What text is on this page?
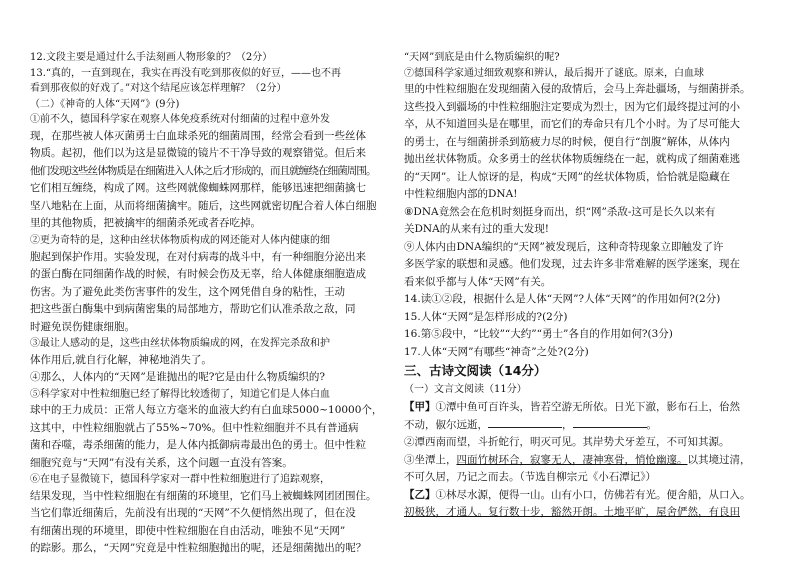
12.文段主要是通过什么手法刻画人物形象的？（2分）

13.“真的，一直到现在，我实在再没有吃到那夜似的好豆，——也不再

看到那夜似的好戏了。”对这个结尾应该怎样理解？（2分）

（二）《神奇的人体“天网”》(9分)

①前不久，德国科学家在观察人体免疫系统对付细菌的过程中意外发

现，在那些被人体灭菌勇士白血球杀死的细菌周围，经常会看到一些丝体

物质。起初，他们以为这是显微镜的镜片不干净导致的观察错觉。但后来

他们发现这些丝体物质是在细菌进入人体之后才形成的，而且就缠绕在细菌周围。

它们相互缠绕，构成了网。这些网就像蜘蛛网那样，能够迅速把细菌擒七

坚八地粘在上面，从而将细菌擒牢。随后，这些网就密切配合着人体白细胞

里的其他物质，把被擒牢的细菌杀死或者吞吃掉。

②更为奇特的是，这种由丝状体物质构成的网还能对人体内健康的细

胞起到保护作用。实验发现，在对付病毒的战斗中，有一种细胞分泌出来

的蛋白酶在同细菌作战的时候，有时候会伤及无辜，给人体健康细胞造成

伤害。为了避免此类伤害事件的发生，这个网凭借自身的粘性，王动

把这些蛋白酶集中到病菌密集的局部地方，帮助它们认准杀敌之敌，同

时避免误伤健康细胞。

③最让人感动的是，这些由丝状体物质编成的网，在发挥完杀敌和护

体作用后,就自行化解，神秘地消失了。

④那么，人体内的“天网”是谁抛出的呢?它是由什么物质编织的?

⑤科学家对中性粒细胞已经了解得比较透彻了，知道它们是人体白血

球中的王力成员：正常人每立方毫米的血液大约有白血球5000~10000个，

这其中，中性粒细胞就占了55%~70%。但中性粒细胞并不具有普通病

菌和吞噬，毒杀细菌的能力，是人体内抵御病毒最出色的勇士。但中性粒

细胞究竟与“天网”有没有关系，这个问题一直没有答案。

⑥在电子显微镜下，德国科学家对一群中性粒细胞进行了追踪观察，

结果发现，当中性粒细胞在有细菌的环境里，它们马上被蜘蛛网团团围住。

当它们靠近细菌后，先前没有出现的“天网”不久便悄然出现了，但在没

有细菌出现的环境里，即使中性粒细胞在自由活动，唯独不见“天网”

的踪影。那么，“天网”究竟是中性粒细胞抛出的呢，还是细菌抛出的呢？

“天网”到底是由什么物质编织的呢?

⑦德国科学家通过细致观察和辨认，最后揭开了谜底。原来，白血球

里的中性粒细胞在发现细菌入侵的敌情后，会马上奔赴疆场，与细菌拼杀。

这些投入到疆场的中性粒细胞注定要成为烈士，因为它们最终提过河的小

卒，从不知道回头是在哪里，而它们的寿命只有几个小时。为了尽可能大

的勇士，在与细菌拼杀到筋疲力尽的时候，便自行“剖腹”解体，从体内

抛出丝状体物质。众多勇士的丝状体物质缠绕在一起，就构成了细菌难逃

的“天网”。让人惊讶的是，构成“天网”的丝状体物质，恰恰就是隐藏在

中性粒细胞内部的DNA!

⑧DNA竟然会在危机时刻挺身而出，织“网”杀敌-这可是长久以来有

关DNA的从来有过的重大发现!

⑨人体内由DNA编织的“天网”被发现后，这种奇特现象立即触发了许

多医学家的联想和灵感。他们发现，过去许多非常难解的医学迷案，现在

看来似乎都与人体“天网”有关。

14.读①②段，根据什么是人体“天网”?人体“天网”的作用如何?(2分)

15.人体“天网”是怎样形成的?(2分)

16.第⑤段中，“比较”“大约”“勇士”各自的作用如何?(3分)

17.人体“天网”有哪些“神奇”之处?(2分)

三、古诗文阅读（14分）

（一）文言文阅读（11分）

【甲】①潭中鱼可百许头，皆若空游无所依。日光下澈，影布石上，佁然

不动，俶尔远逝，	，	。

②潭西南而望，斗折蛇行，明灭可见。其岸势犬牙差互，不可知其源。

③坐潭上，四面竹树环合，寂寥无人，凄神寒骨，悄怆幽邃。以其境过清，

不可久居，乃记之而去。（节选自柳宗元《小石潭记》）

【乙】①林尽水源，便得一山。山有小口，仿佛若有光。便舍船，从口入。

初极狭，才通人。复行数十步，豁然开朗。土地平旷，屋舍俨然，有良田
